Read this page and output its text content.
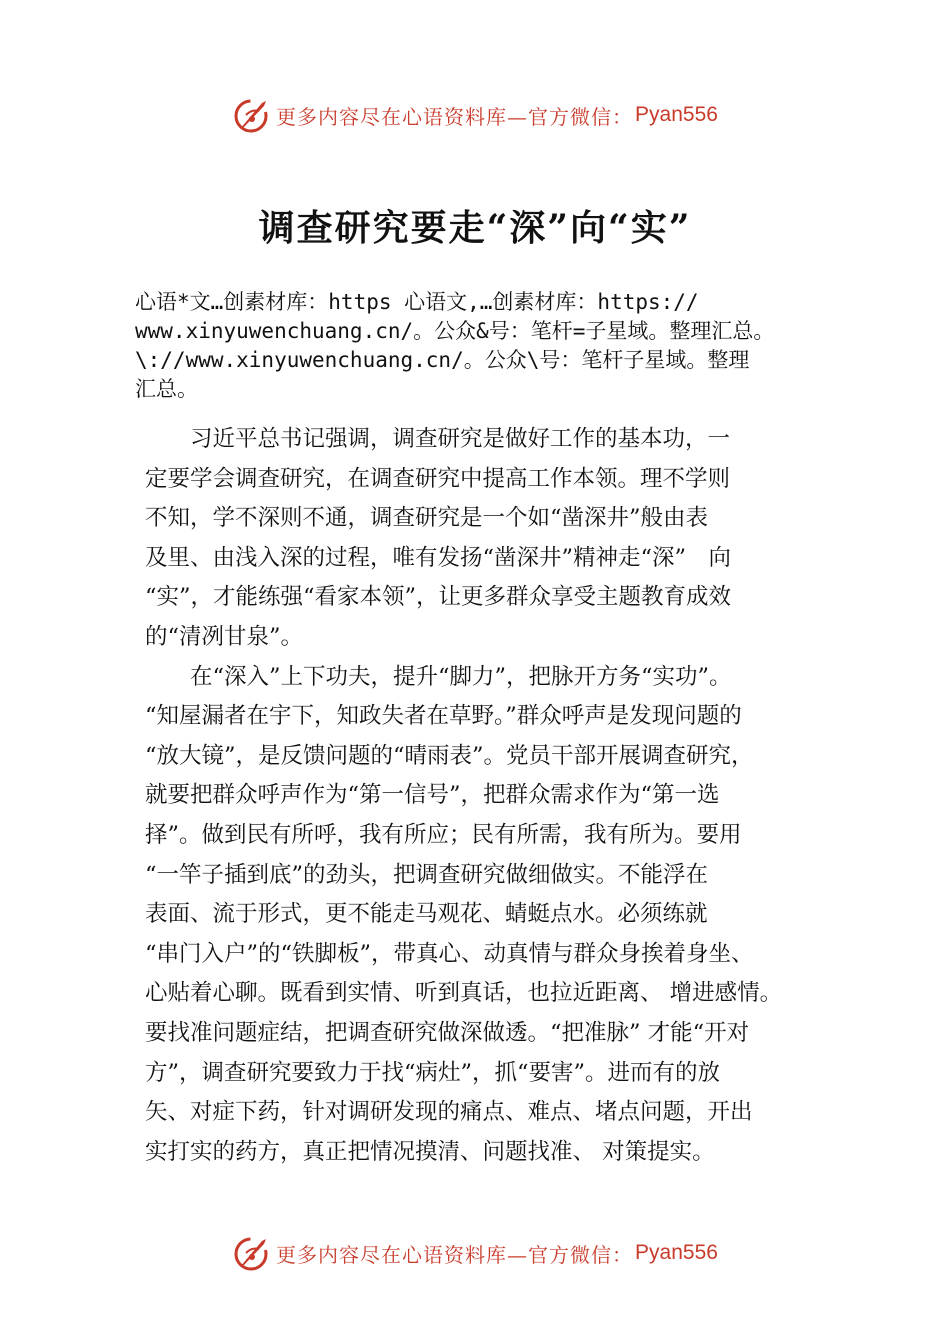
更多内容尽在心语资料库—官方微信： Pyan556
调查研究要走“深”向“实”
心语*文…创素材库：https 心语文,…创素材库：https://
www.xinyuwenchuang.cn/。公众&号：笔杆=子星域。整理汇总。
\://www.xinyuwenchuang.cn/。公众\号：笔杆子星域。整理
汇总。
　　习近平总书记强调，调查研究是做好工作的基本功，一
定要学会调查研究，在调查研究中提高工作本领。理不学则
不知，学不深则不通，调查研究是一个如“凿深井”般由表
及里、由浅入深的过程，唯有发扬“凿深井”精神走“深”　向
“实”，才能练强“看家本领”，让更多群众享受主题教育成效
的“清冽甘泉”。
　　在“深入”上下功夫，提升“脚力”，把脉开方务“实功”。
“知屋漏者在宇下，知政失者在草野。”群众呼声是发现问题的
“放大镜”，是反馈问题的“晴雨表”。党员干部开展调查研究，
就要把群众呼声作为“第一信号”，把群众需求作为“第一选
择”。做到民有所呼，我有所应；民有所需，我有所为。要用
“一竿子插到底”的劲头，把调查研究做细做实。不能浮在
表面、流于形式，更不能走马观花、蜻蜓点水。必须练就
“串门入户”的“铁脚板”，带真心、动真情与群众身挨着身坐、
心贴着心聊。既看到实情、听到真话，也拉近距离、 增进感情。
要找准问题症结，把调查研究做深做透。“把准脉” 才能“开对
方”，调查研究要致力于找“病灶”，抓“要害”。进而有的放
矢、对症下药，针对调研发现的痛点、难点、堵点问题，开出
实打实的药方，真正把情况摸清、问题找准、 对策提实。
更多内容尽在心语资料库—官方微信： Pyan556
